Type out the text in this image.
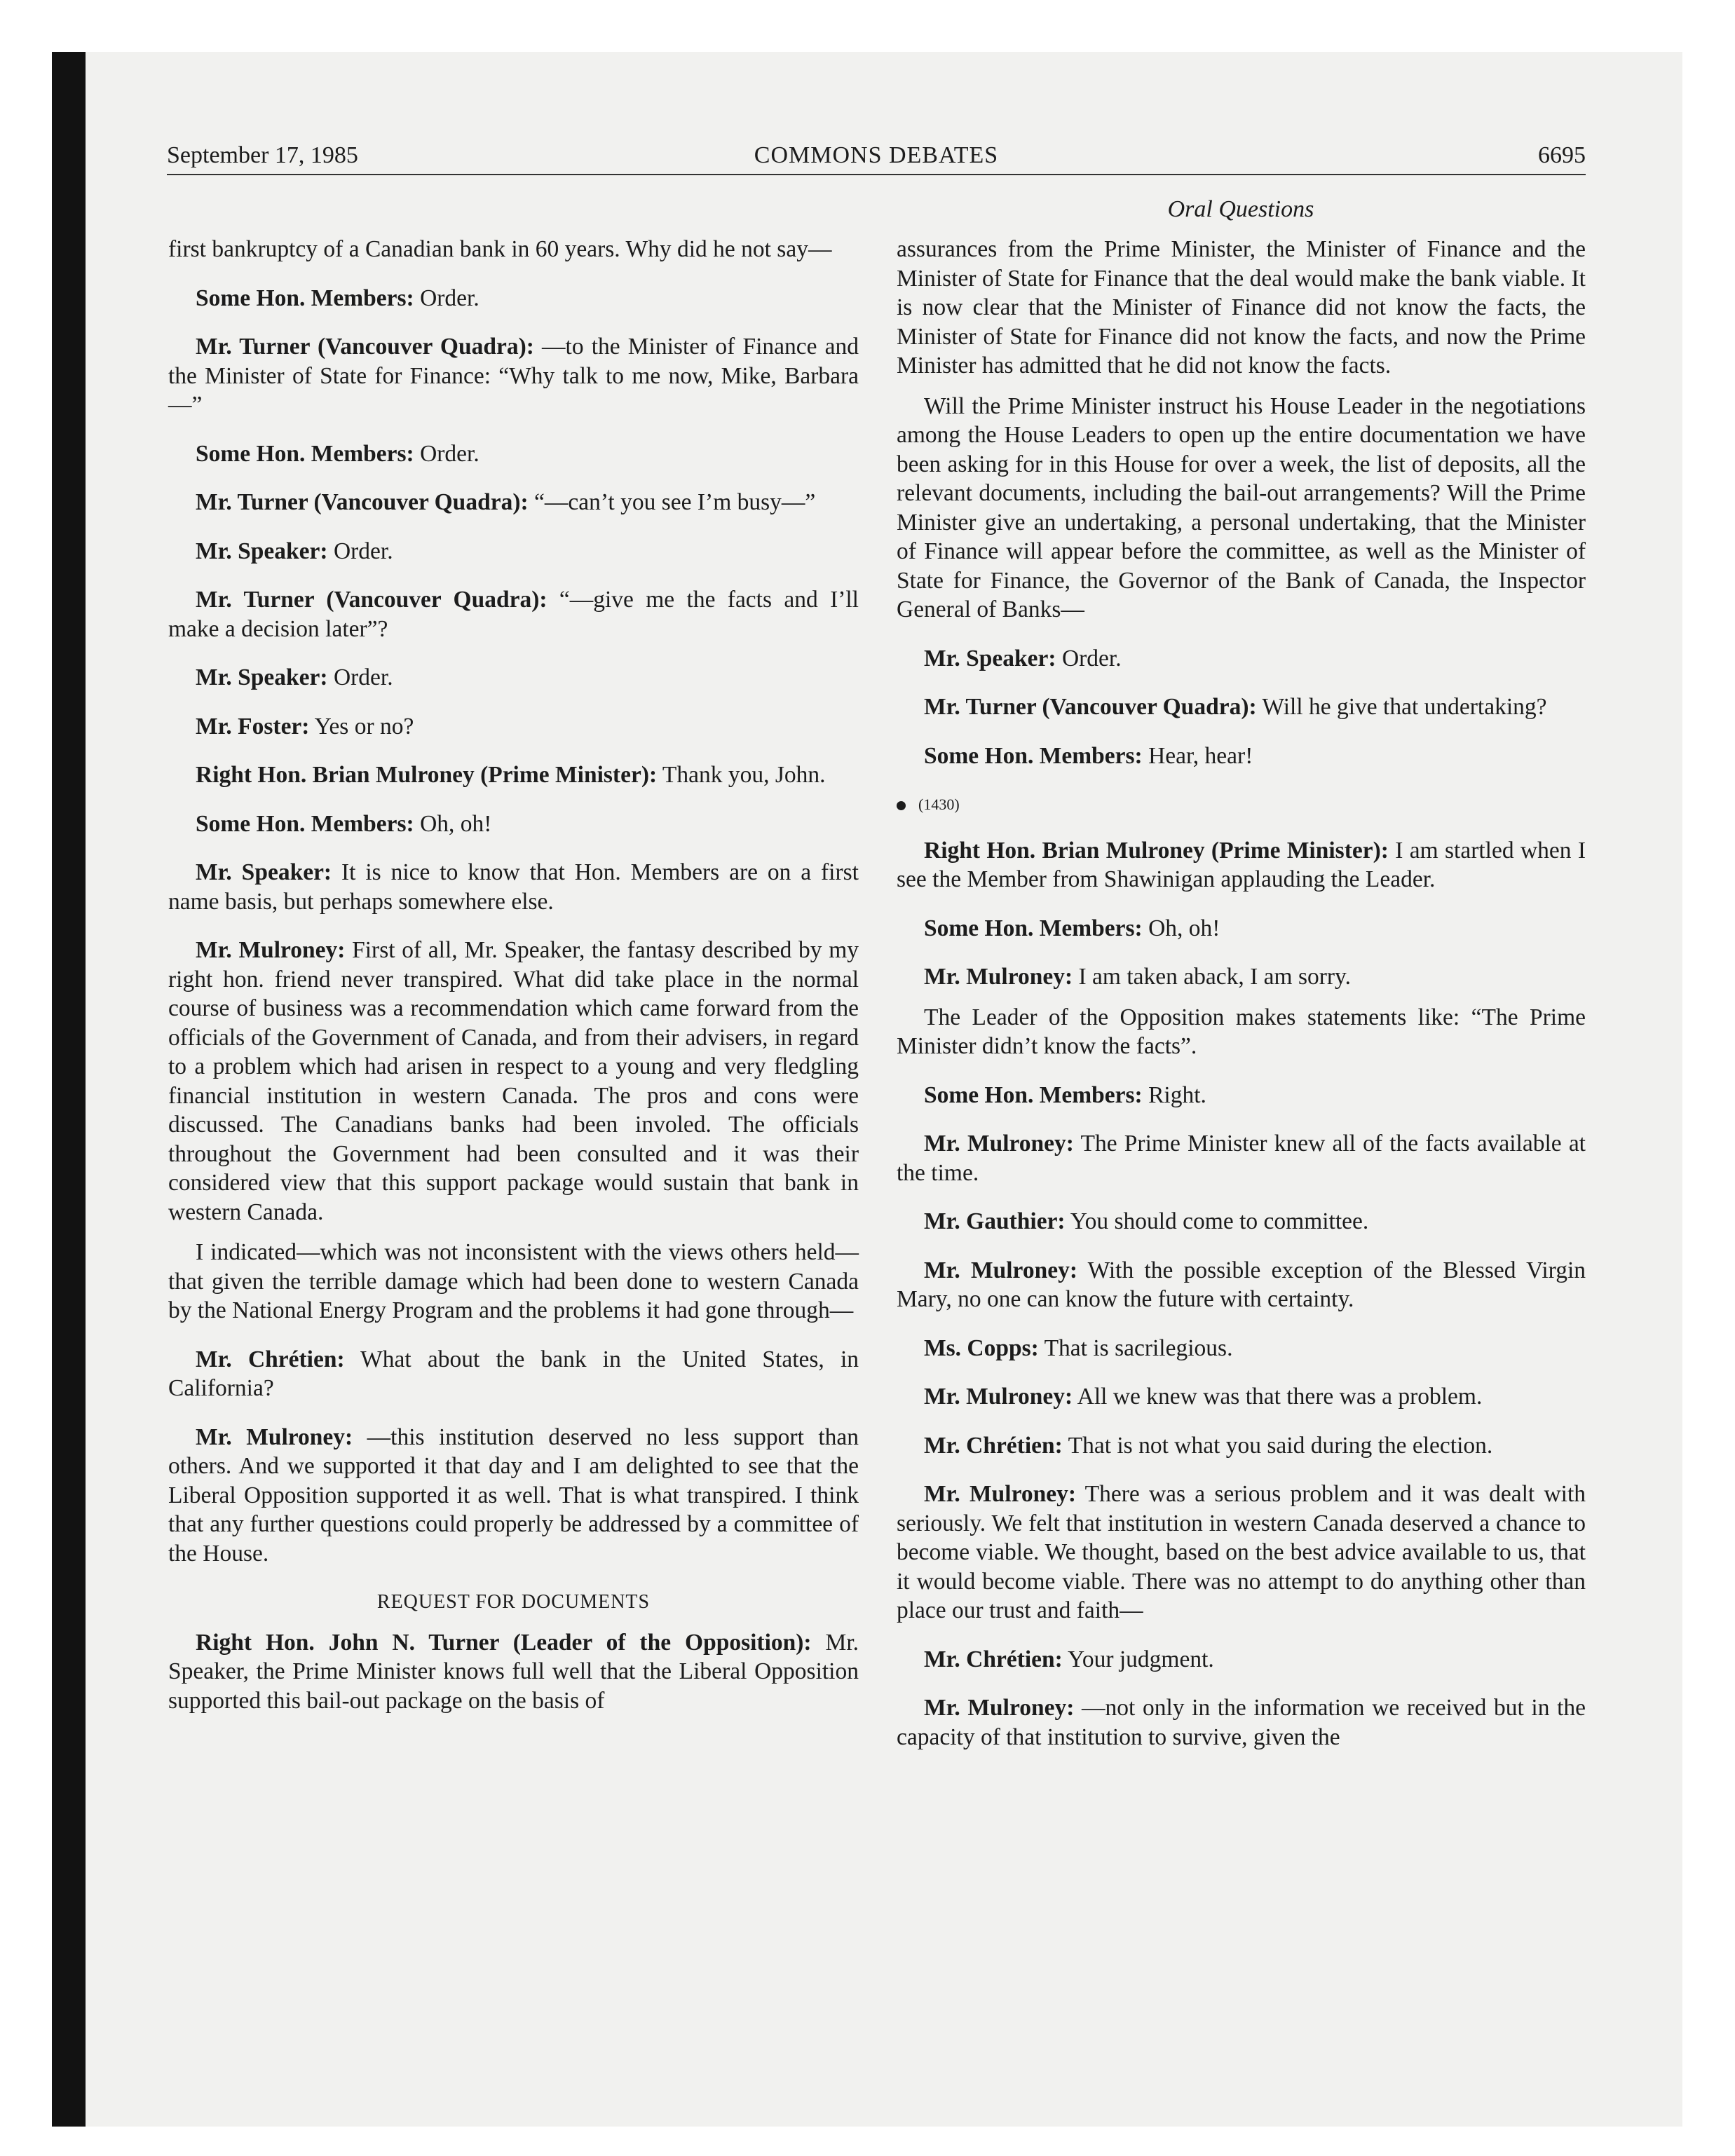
September 17, 1985	COMMONS DEBATES	6695
Oral Questions

first bankruptcy of a Canadian bank in 60 years. Why did he not say—

Some Hon. Members: Order.

Mr. Turner (Vancouver Quadra): —to the Minister of Finance and the Minister of State for Finance: “Why talk to me now, Mike, Barbara—”

Some Hon. Members: Order.

Mr. Turner (Vancouver Quadra): “—can’t you see I’m busy—”

Mr. Speaker: Order.

Mr. Turner (Vancouver Quadra): “—give me the facts and I’ll make a decision later”?

Mr. Speaker: Order.

Mr. Foster: Yes or no?

Right Hon. Brian Mulroney (Prime Minister): Thank you, John.

Some Hon. Members: Oh, oh!

Mr. Speaker: It is nice to know that Hon. Members are on a first name basis, but perhaps somewhere else.

Mr. Mulroney: First of all, Mr. Speaker, the fantasy described by my right hon. friend never transpired. What did take place in the normal course of business was a recommendation which came forward from the officials of the Government of Canada, and from their advisers, in regard to a problem which had arisen in respect to a young and very fledgling financial institution in western Canada. The pros and cons were discussed. The Canadians banks had been involed. The officials throughout the Government had been consulted and it was their considered view that this support package would sustain that bank in western Canada.

I indicated—which was not inconsistent with the views others held—that given the terrible damage which had been done to western Canada by the National Energy Program and the problems it had gone through—

Mr. Chrétien: What about the bank in the United States, in California?

Mr. Mulroney: —this institution deserved no less support than others. And we supported it that day and I am delighted to see that the Liberal Opposition supported it as well. That is what transpired. I think that any further questions could properly be addressed by a committee of the House.

REQUEST FOR DOCUMENTS

Right Hon. John N. Turner (Leader of the Opposition): Mr. Speaker, the Prime Minister knows full well that the Liberal Opposition supported this bail-out package on the basis of

assurances from the Prime Minister, the Minister of Finance and the Minister of State for Finance that the deal would make the bank viable. It is now clear that the Minister of Finance did not know the facts, the Minister of State for Finance did not know the facts, and now the Prime Minister has admitted that he did not know the facts.

Will the Prime Minister instruct his House Leader in the negotiations among the House Leaders to open up the entire documentation we have been asking for in this House for over a week, the list of deposits, all the relevant documents, including the bail-out arrangements? Will the Prime Minister give an undertaking, a personal undertaking, that the Minister of Finance will appear before the committee, as well as the Minister of State for Finance, the Governor of the Bank of Canada, the Inspector General of Banks—

Mr. Speaker: Order.

Mr. Turner (Vancouver Quadra): Will he give that undertaking?

Some Hon. Members: Hear, hear!

(1430)

Right Hon. Brian Mulroney (Prime Minister): I am startled when I see the Member from Shawinigan applauding the Leader.

Some Hon. Members: Oh, oh!

Mr. Mulroney: I am taken aback, I am sorry.

The Leader of the Opposition makes statements like: “The Prime Minister didn’t know the facts”.

Some Hon. Members: Right.

Mr. Mulroney: The Prime Minister knew all of the facts available at the time.

Mr. Gauthier: You should come to committee.

Mr. Mulroney: With the possible exception of the Blessed Virgin Mary, no one can know the future with certainty.

Ms. Copps: That is sacrilegious.

Mr. Mulroney: All we knew was that there was a problem.

Mr. Chrétien: That is not what you said during the election.

Mr. Mulroney: There was a serious problem and it was dealt with seriously. We felt that institution in western Canada deserved a chance to become viable. We thought, based on the best advice available to us, that it would become viable. There was no attempt to do anything other than place our trust and faith—

Mr. Chrétien: Your judgment.

Mr. Mulroney: —not only in the information we received but in the capacity of that institution to survive, given the
